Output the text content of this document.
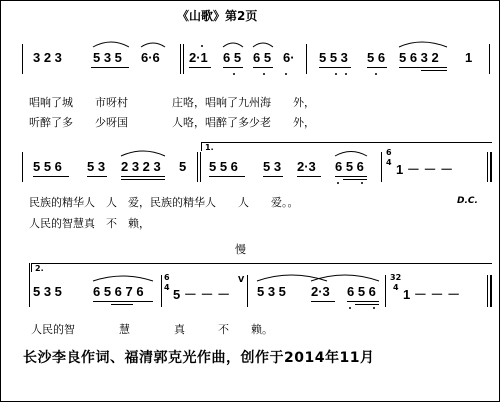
《山歌》第2页
3 2 3 5 3 5 6·6 2·1 6 5 6 5 6· 5 5 3 5 6 5 6 3 2 1
唱响了城　　市呀村　　　　庄咯，唱响了九州海　　外，
听醉了多　　少呀国　　　　人咯，唱醉了多少老　　外，
1.
5 5 6 5 3 2 3 2 3 5 5 5 6 5 3 2·3 6 5 6
6
4 1 － － －
民族的精华人　人　爱，民族的精华人　　人　　爱。。	D.C.
人民的智慧真　不　赖，
慢
2.
5 3 5 6 5 6 7 6
6
4 5 － － －
V
5 3 5 2·3 6 5 6
32
4 1 － － －
人民的智　　　　慧　　　　真　　　不　　赖。
长沙李良作词、福清郭克光作曲，创作于2014年11月
